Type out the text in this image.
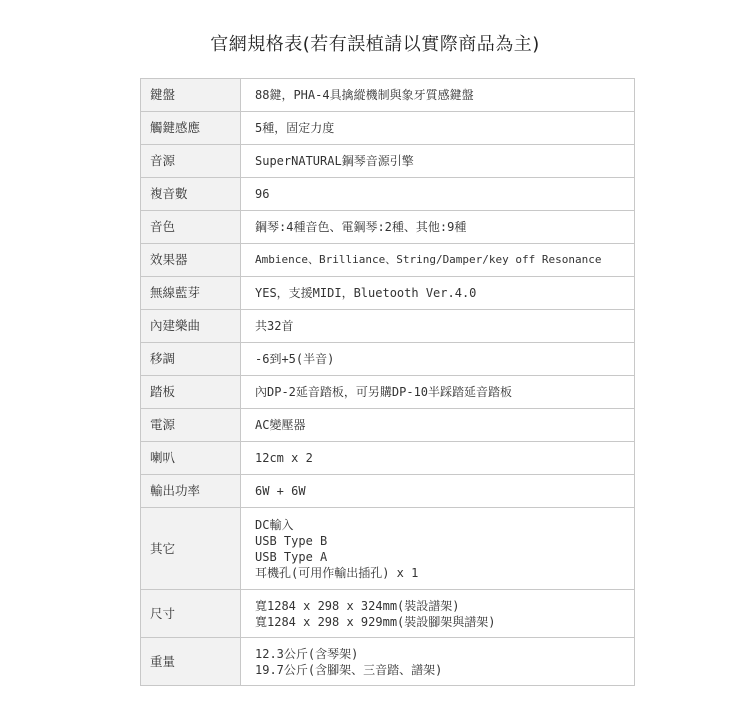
官網規格表(若有誤植請以實際商品為主)
鍵盤	88鍵，PHA-4具擒縱機制與象牙質感鍵盤

觸鍵感應	5種，固定力度

音源	SuperNATURAL鋼琴音源引擎

複音數	96

音色	鋼琴:4種音色、電鋼琴:2種、其他:9種

效果器	Ambience、Brilliance、String/Damper/key off Resonance

無線藍芽	YES，支援MIDI，Bluetooth Ver.4.0

內建樂曲	共32首

移調	-6到+5(半音)

踏板	內DP-2延音踏板，可另購DP-10半踩踏延音踏板

電源	AC變壓器

喇叭	12cm x 2

輸出功率	6W + 6W

其它	DC輸入
USB Type B
USB Type A
耳機孔(可用作輸出插孔) x 1

尺寸	寬1284 x 298 x 324mm(裝設譜架)
寬1284 x 298 x 929mm(裝設腳架與譜架)

重量	12.3公斤(含琴架)
19.7公斤(含腳架、三音踏、譜架)
